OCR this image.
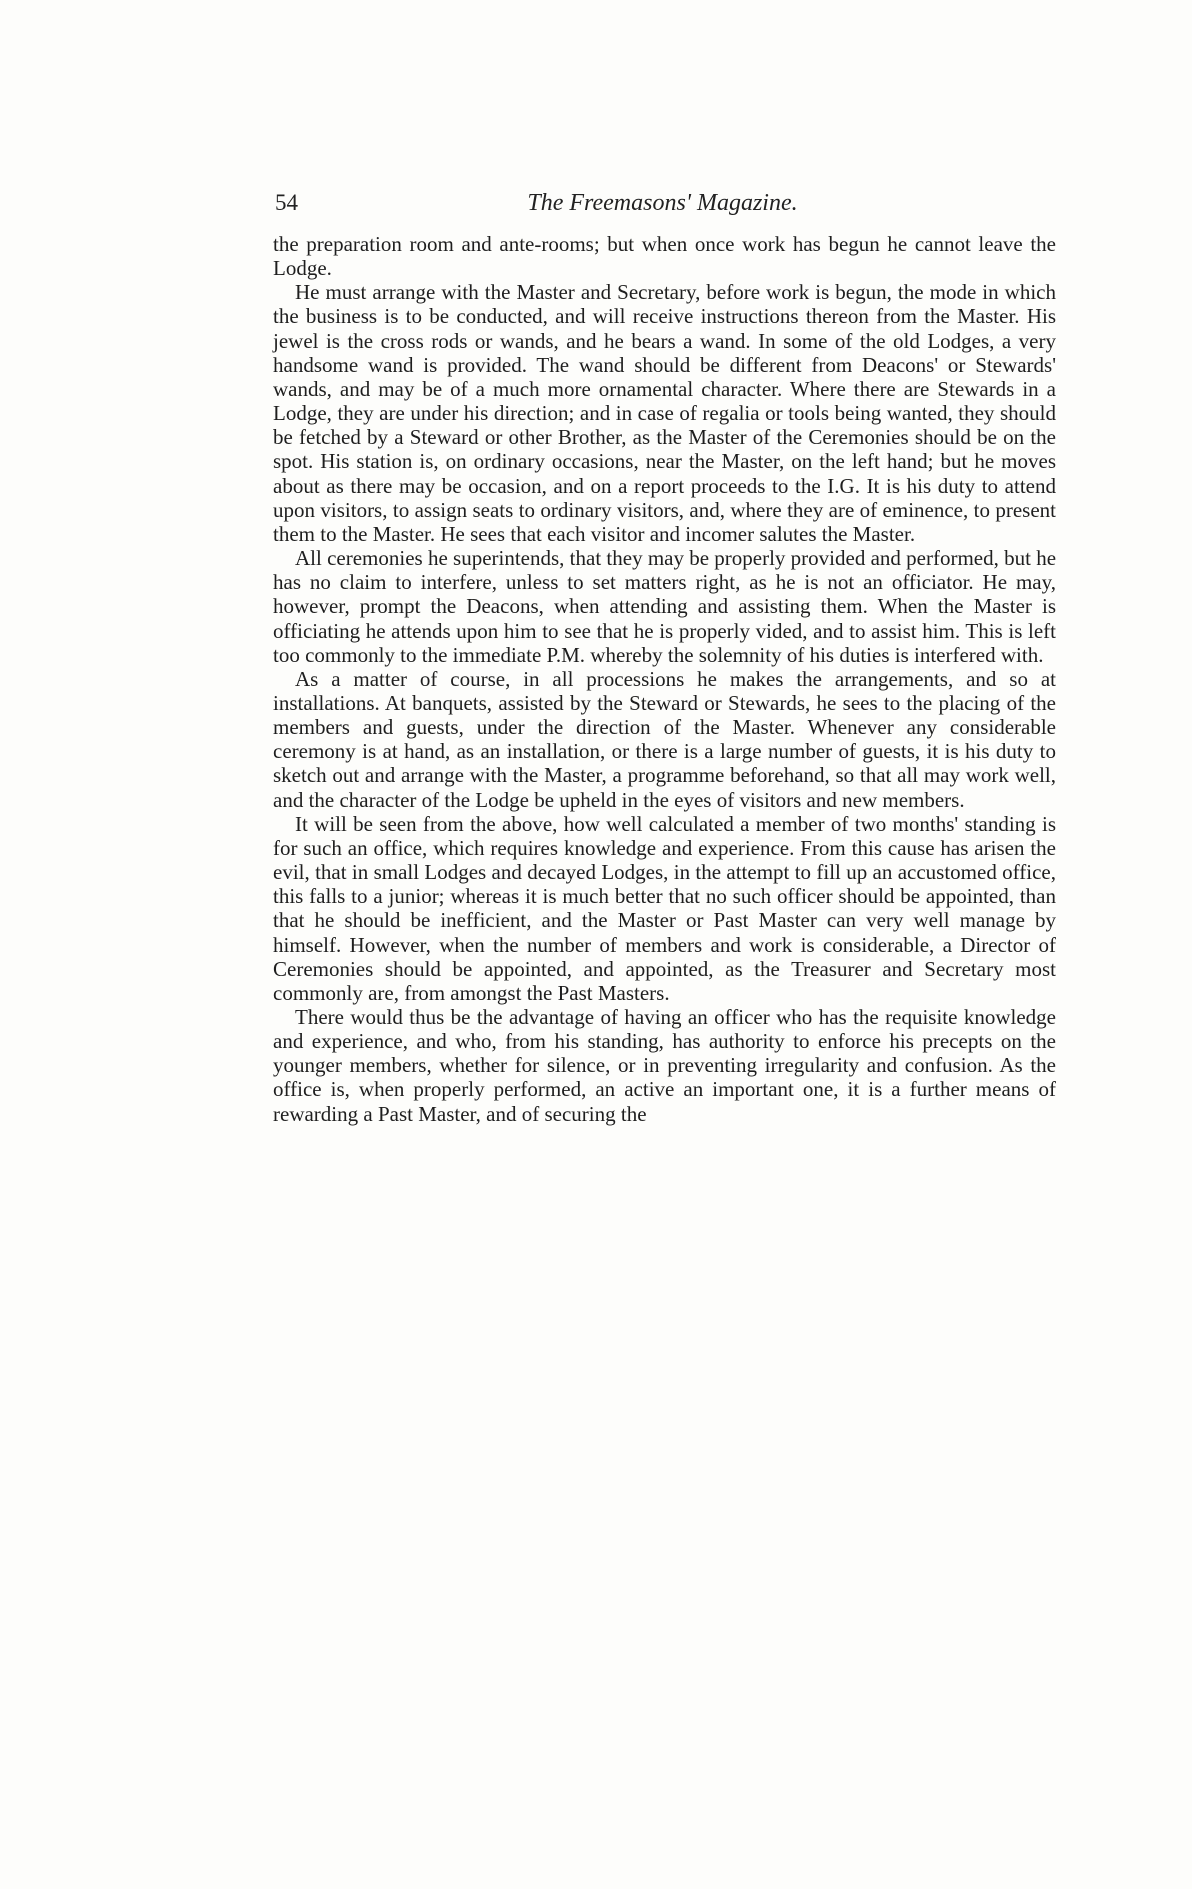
54	The Freemasons' Magazine.

the preparation room and ante-rooms; but when once work has begun he cannot leave the Lodge.

He must arrange with the Master and Secretary, before work is begun, the mode in which the business is to be conducted, and will receive instructions thereon from the Master. His jewel is the cross rods or wands, and he bears a wand. In some of the old Lodges, a very handsome wand is provided. The wand should be different from Deacons' or Stewards' wands, and may be of a much more ornamental character. Where there are Stewards in a Lodge, they are under his direction; and in case of regalia or tools being wanted, they should be fetched by a Steward or other Brother, as the Master of the Ceremonies should be on the spot. His station is, on ordinary occasions, near the Master, on the left hand; but he moves about as there may be occasion, and on a report proceeds to the I.G. It is his duty to attend upon visitors, to assign seats to ordinary visitors, and, where they are of eminence, to present them to the Master. He sees that each visitor and incomer salutes the Master.

All ceremonies he superintends, that they may be properly provided and performed, but he has no claim to interfere, unless to set matters right, as he is not an officiator. He may, however, prompt the Deacons, when attending and assisting them. When the Master is officiating he attends upon him to see that he is properly vided, and to assist him. This is left too commonly to the immediate P.M. whereby the solemnity of his duties is interfered with.

As a matter of course, in all processions he makes the arrangements, and so at installations. At banquets, assisted by the Steward or Stewards, he sees to the placing of the members and guests, under the direction of the Master. Whenever any considerable ceremony is at hand, as an installation, or there is a large number of guests, it is his duty to sketch out and arrange with the Master, a programme beforehand, so that all may work well, and the character of the Lodge be upheld in the eyes of visitors and new members.

It will be seen from the above, how well calculated a member of two months' standing is for such an office, which requires knowledge and experience. From this cause has arisen the evil, that in small Lodges and decayed Lodges, in the attempt to fill up an accustomed office, this falls to a junior; whereas it is much better that no such officer should be appointed, than that he should be inefficient, and the Master or Past Master can very well manage by himself. However, when the number of members and work is considerable, a Director of Ceremonies should be appointed, and appointed, as the Treasurer and Secretary most commonly are, from amongst the Past Masters.

There would thus be the advantage of having an officer who has the requisite knowledge and experience, and who, from his standing, has authority to enforce his precepts on the younger members, whether for silence, or in preventing irregularity and confusion. As the office is, when properly performed, an active an important one, it is a further means of rewarding a Past Master, and of securing the
